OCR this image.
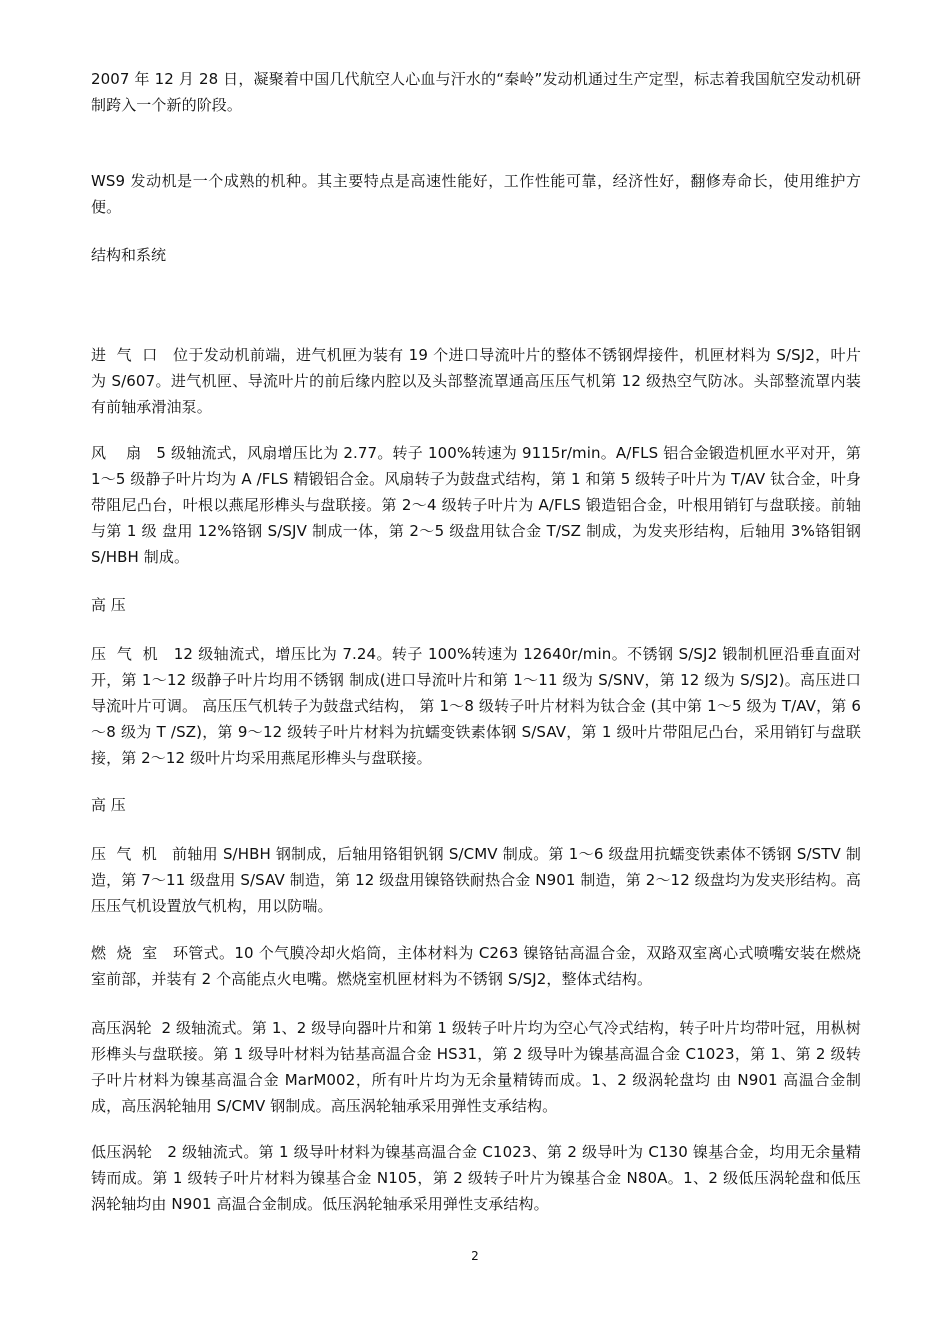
2007 年 12 月 28 日，凝聚着中国几代航空人心血与汗水的“秦岭”发动机通过生产定型，标志着我国航空发动机研制跨入一个新的阶段。

WS9 发动机是一个成熟的机种。其主要特点是高速性能好，工作性能可靠，经济性好，翻修寿命长，使用维护方便。

结构和系统

进  气  口 位于发动机前端，进气机匣为装有 19 个进口导流叶片的整体不锈钢焊接件，机匣材料为 S/SJ2，叶片为 S/607。进气机匣、导流叶片的前后缘内腔以及头部整流罩通高压压气机第 12 级热空气防冰。头部整流罩内装有前轴承滑油泵。

风    扇 5 级轴流式，风扇增压比为 2.77。转子 100%转速为 9115r/min。A/FLS 铝合金锻造机匣水平对开，第 1～5 级静子叶片均为 A /FLS 精锻铝合金。风扇转子为鼓盘式结构，第 1 和第 5 级转子叶片为 T/AV 钛合金，叶身带阻尼凸台，叶根以燕尾形榫头与盘联接。第 2～4 级转子叶片为 A/FLS 锻造铝合金，叶根用销钉与盘联接。前轴与第 1 级 盘用 12%铬钢 S/SJV 制成一体，第 2～5 级盘用钛合金 T/SZ 制成，为发夹形结构，后轴用 3%铬钼钢 S/HBH 制成。

高 压

压  气  机 12 级轴流式，增压比为 7.24。转子 100%转速为 12640r/min。不锈钢 S/SJ2 锻制机匣沿垂直面对开，第 1～12 级静子叶片均用不锈钢 制成(进口导流叶片和第 1～11 级为 S/SNV，第 12 级为 S/SJ2)。高压进口导流叶片可调。 高压压气机转子为鼓盘式结构， 第 1～8 级转子叶片材料为钛合金 (其中第 1～5 级为 T/AV，第 6～8 级为 T /SZ)，第 9～12 级转子叶片材料为抗蠕变铁素体钢 S/SAV，第 1 级叶片带阻尼凸台，采用销钉与盘联接，第 2～12 级叶片均采用燕尾形榫头与盘联接。

高 压

压  气  机 前轴用 S/HBH 钢制成，后轴用铬钼钒钢 S/CMV 制成。第 1～6 级盘用抗蠕变铁素体不锈钢 S/STV 制造，第 7～11 级盘用 S/SAV 制造，第 12 级盘用镍铬铁耐热合金 N901 制造，第 2～12 级盘均为发夹形结构。高压压气机设置放气机构，用以防喘。

燃  烧  室 环管式。10 个气膜冷却火焰筒，主体材料为 C263 镍铬钴高温合金，双路双室离心式喷嘴安装在燃烧室前部，并装有 2 个高能点火电嘴。燃烧室机匣材料为不锈钢 S/SJ2，整体式结构。

高压涡轮 2 级轴流式。第 1、2 级导向器叶片和第 1 级转子叶片均为空心气冷式结构，转子叶片均带叶冠，用枞树形榫头与盘联接。第 1 级导叶材料为钴基高温合金 HS31，第 2 级导叶为镍基高温合金 C1023，第 1、第 2 级转子叶片材料为镍基高温合金 MarM002，所有叶片均为无余量精铸而成。1、2 级涡轮盘均 由 N901 高温合金制成，高压涡轮轴用 S/CMV 钢制成。高压涡轮轴承采用弹性支承结构。

低压涡轮 2 级轴流式。第 1 级导叶材料为镍基高温合金 C1023、第 2 级导叶为 C130 镍基合金，均用无余量精铸而成。第 1 级转子叶片材料为镍基合金 N105，第 2 级转子叶片为镍基合金 N80A。1、2 级低压涡轮盘和低压涡轮轴均由 N901 高温合金制成。低压涡轮轴承采用弹性支承结构。

2
